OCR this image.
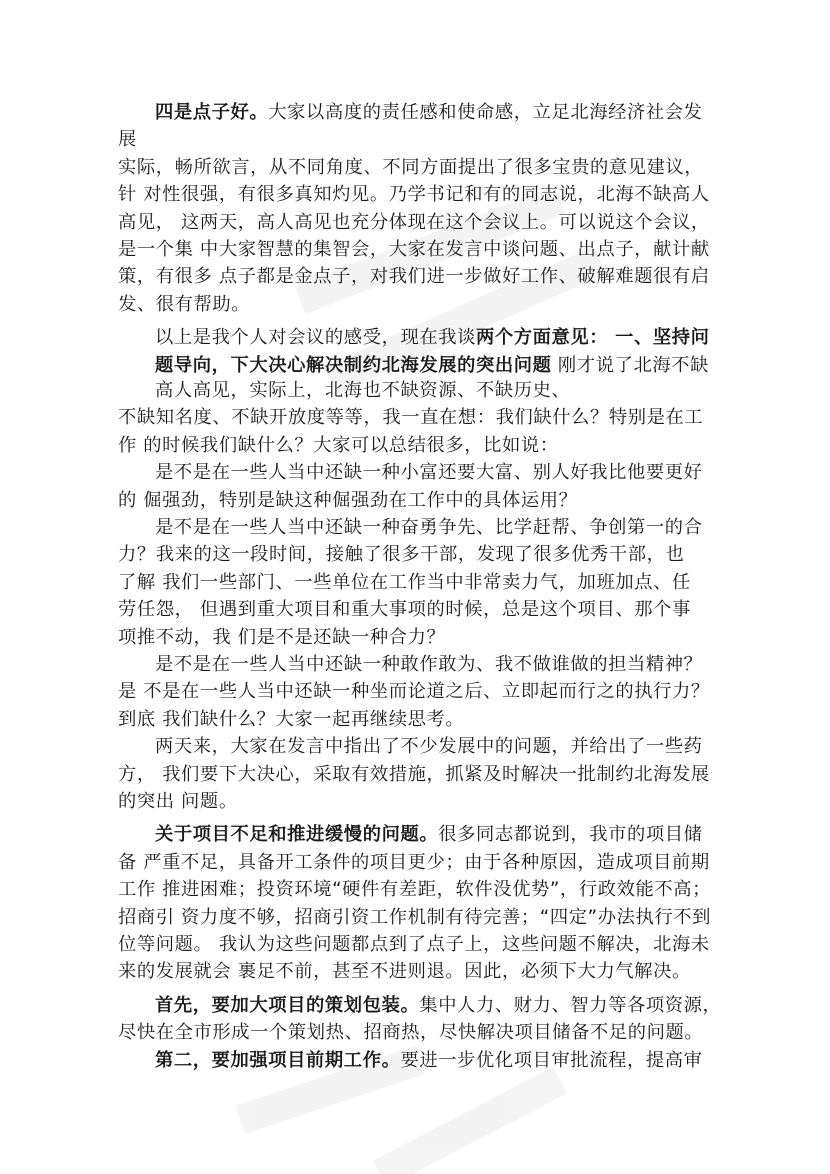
四是点子好。大家以高度的责任感和使命感，立足北海经济社会发
展
实际，畅所欲言，从不同角度、不同方面提出了很多宝贵的意见建议，
针 对性很强，有很多真知灼见。乃学书记和有的同志说，北海不缺高人
高见， 这两天，高人高见也充分体现在这个会议上。可以说这个会议，
是一个集 中大家智慧的集智会，大家在发言中谈问题、出点子，献计献
策，有很多 点子都是金点子，对我们进一步做好工作、破解难题很有启
发、很有帮助。
以上是我个人对会议的感受，现在我谈两个方面意见： 一、坚持问
题导向，下大决心解决制约北海发展的突出问题 刚才说了北海不缺
高人高见，实际上，北海也不缺资源、不缺历史、
不缺知名度、不缺开放度等等，我一直在想：我们缺什么？特别是在工
作 的时候我们缺什么？大家可以总结很多，比如说：
是不是在一些人当中还缺一种小富还要大富、别人好我比他要更好
的 倔强劲，特别是缺这种倔强劲在工作中的具体运用？
是不是在一些人当中还缺一种奋勇争先、比学赶帮、争创第一的合
力？我来的这一段时间，接触了很多干部，发现了很多优秀干部，也
了解 我们一些部门、一些单位在工作当中非常卖力气，加班加点、任
劳任怨， 但遇到重大项目和重大事项的时候，总是这个项目、那个事
项推不动，我 们是不是还缺一种合力？
是不是在一些人当中还缺一种敢作敢为、我不做谁做的担当精神？
是 不是在一些人当中还缺一种坐而论道之后、立即起而行之的执行力？
到底 我们缺什么？大家一起再继续思考。
两天来，大家在发言中指出了不少发展中的问题，并给出了一些药
方， 我们要下大决心，采取有效措施，抓紧及时解决一批制约北海发展
的突出 问题。
关于项目不足和推进缓慢的问题。很多同志都说到，我市的项目储
备 严重不足，具备开工条件的项目更少；由于各种原因，造成项目前期
工作 推进困难；投资环境“硬件有差距，软件没优势”，行政效能不高；
招商引 资力度不够，招商引资工作机制有待完善；“四定”办法执行不到
位等问题。 我认为这些问题都点到了点子上，这些问题不解决，北海未
来的发展就会 裹足不前，甚至不进则退。因此，必须下大力气解决。
首先，要加大项目的策划包装。集中人力、财力、智力等各项资源，
尽快在全市形成一个策划热、招商热，尽快解决项目储备不足的问题。
第二，要加强项目前期工作。要进一步优化项目审批流程，提高审
